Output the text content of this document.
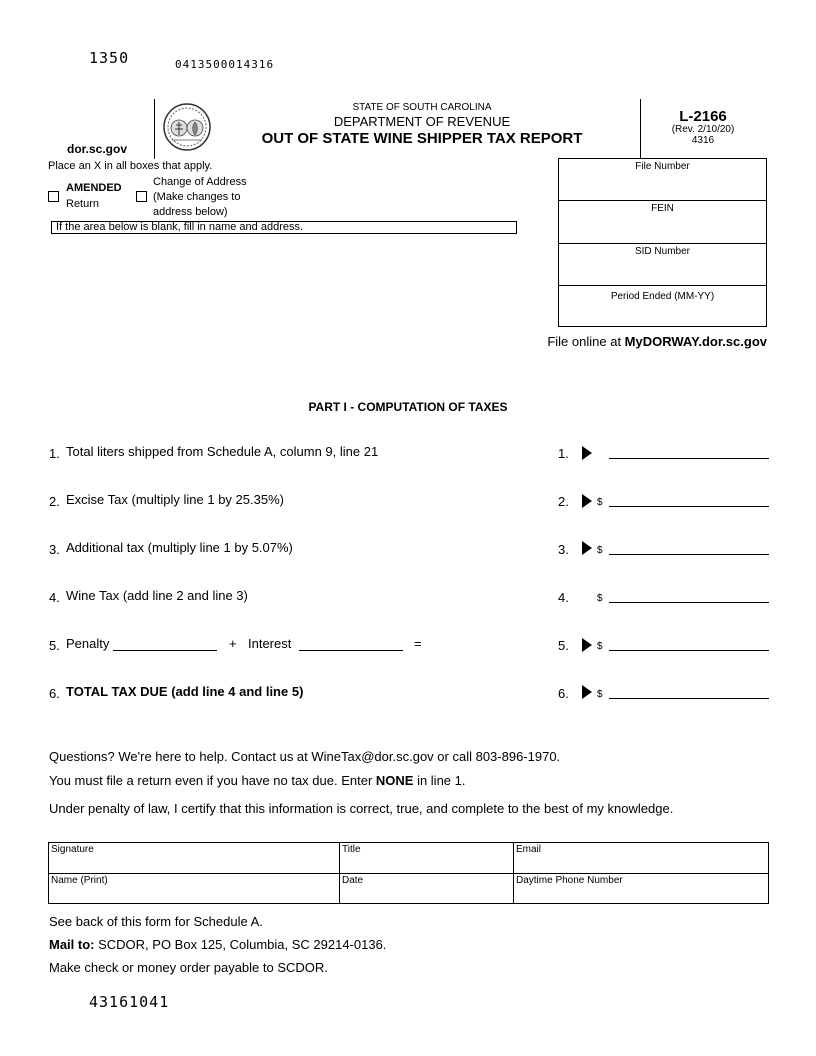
1350	0413500014316
dor.sc.gov
STATE OF SOUTH CAROLINA
DEPARTMENT OF REVENUE
OUT OF STATE WINE SHIPPER TAX REPORT
L-2166
(Rev. 2/10/20)
4316
Place an X in all boxes that apply.
AMENDED
Return
Change of Address
(Make changes to
address below)
If the area below is blank, fill in name and address.
File Number
FEIN
SID Number
Period Ended (MM-YY)
File online at MyDORWAY.dor.sc.gov
PART I - COMPUTATION OF TAXES
1. Total liters shipped from Schedule A, column 9, line 21	1.
2. Excise Tax (multiply line 1 by 25.35%)	2.	$
3. Additional tax (multiply line 1 by 5.07%)	3.	$
4. Wine Tax (add line 2 and line 3)	4.	$
5. Penalty	+ Interest	=	5.	$
6. TOTAL TAX DUE (add line 4 and line 5)	6.	$
Questions? We're here to help. Contact us at WineTax@dor.sc.gov or call 803-896-1970.
You must file a return even if you have no tax due. Enter NONE in line 1.
Under penalty of law, I certify that this information is correct, true, and complete to the best of my knowledge.
Signature	Title	Email
Name (Print)	Date	Daytime Phone Number
See back of this form for Schedule A.
Mail to: SCDOR, PO Box 125, Columbia, SC 29214-0136.
Make check or money order payable to SCDOR.
43161041
